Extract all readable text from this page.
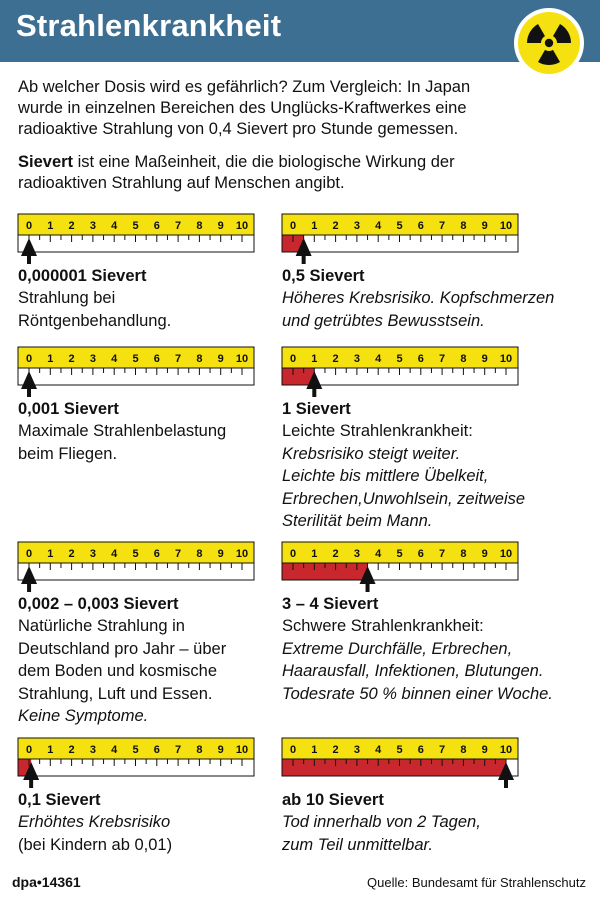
Strahlenkrankheit
Ab welcher Dosis wird es gefährlich? Zum Vergleich: In Japan wurde in einzelnen Bereichen des Unglücks-Kraftwerkes eine radioaktive Strahlung von 0,4 Sievert pro Stunde gemessen.
Sievert ist eine Maßeinheit, die die biologische Wirkung der radioaktiven Strahlung auf Menschen angibt.
0 1 2 3 4 5 6 7 8 9 10
0,000001 Sievert
Strahlung bei
Röntgenbehandlung.
0 1 2 3 4 5 6 7 8 9 10
0,5 Sievert
Höheres Krebsrisiko. Kopfschmerzen
und getrübtes Bewusstsein.
0 1 2 3 4 5 6 7 8 9 10
0,001 Sievert
Maximale Strahlenbelastung
beim Fliegen.
0 1 2 3 4 5 6 7 8 9 10
1 Sievert
Leichte Strahlenkrankheit:
Krebsrisiko steigt weiter.
Leichte bis mittlere Übelkeit,
Erbrechen,Unwohlsein, zeitweise
Sterilität beim Mann.
0 1 2 3 4 5 6 7 8 9 10
0,002 – 0,003 Sievert
Natürliche Strahlung in
Deutschland pro Jahr – über
dem Boden und kosmische
Strahlung, Luft und Essen.
Keine Symptome.
0 1 2 3 4 5 6 7 8 9 10
3 – 4 Sievert
Schwere Strahlenkrankheit:
Extreme Durchfälle, Erbrechen,
Haarausfall, Infektionen, Blutungen.
Todesrate 50 % binnen einer Woche.
0 1 2 3 4 5 6 7 8 9 10
0,1 Sievert
Erhöhtes Krebsrisiko
(bei Kindern ab 0,01)
0 1 2 3 4 5 6 7 8 9 10
ab 10 Sievert
Tod innerhalb von 2 Tagen,
zum Teil unmittelbar.
dpa•14361	Quelle: Bundesamt für Strahlenschutz
